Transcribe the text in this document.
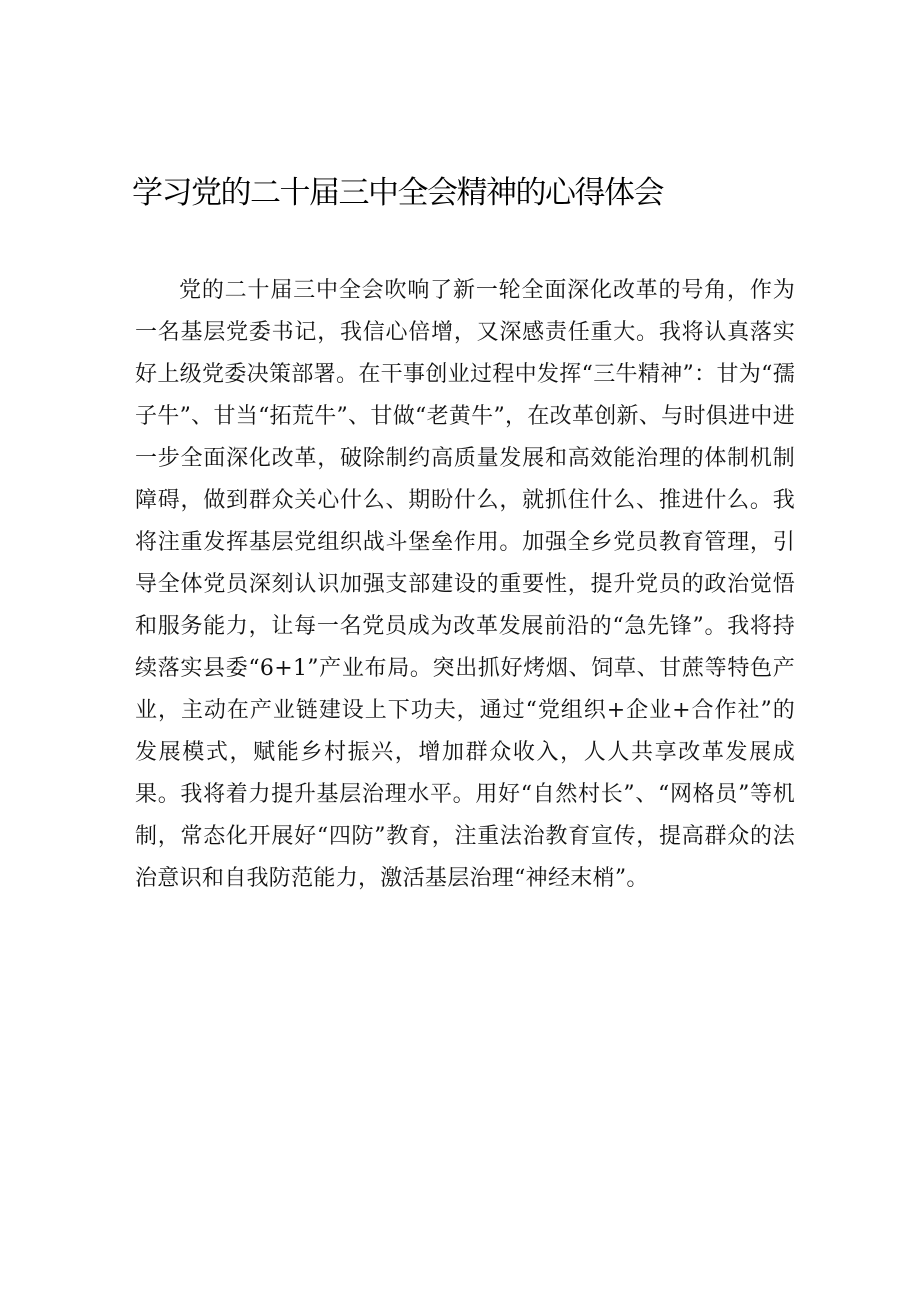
学习党的二十届三中全会精神的心得体会

党的二十届三中全会吹响了新一轮全面深化改革的号角，作为一名基层党委书记，我信心倍增，又深感责任重大。我将认真落实好上级党委决策部署。在干事创业过程中发挥“三牛精神”：甘为“孺子牛”、甘当“拓荒牛”、甘做“老黄牛”，在改革创新、与时俱进中进一步全面深化改革，破除制约高质量发展和高效能治理的体制机制障碍，做到群众关心什么、期盼什么，就抓住什么、推进什么。我将注重发挥基层党组织战斗堡垒作用。加强全乡党员教育管理，引导全体党员深刻认识加强支部建设的重要性，提升党员的政治觉悟和服务能力，让每一名党员成为改革发展前沿的“急先锋”。我将持续落实县委“6+1”产业布局。突出抓好烤烟、饲草、甘蔗等特色产业，主动在产业链建设上下功夫，通过“党组织+企业+合作社”的发展模式，赋能乡村振兴，增加群众收入，人人共享改革发展成果。我将着力提升基层治理水平。用好“自然村长”、“网格员”等机制，常态化开展好“四防”教育，注重法治教育宣传，提高群众的法治意识和自我防范能力，激活基层治理“神经末梢”。
